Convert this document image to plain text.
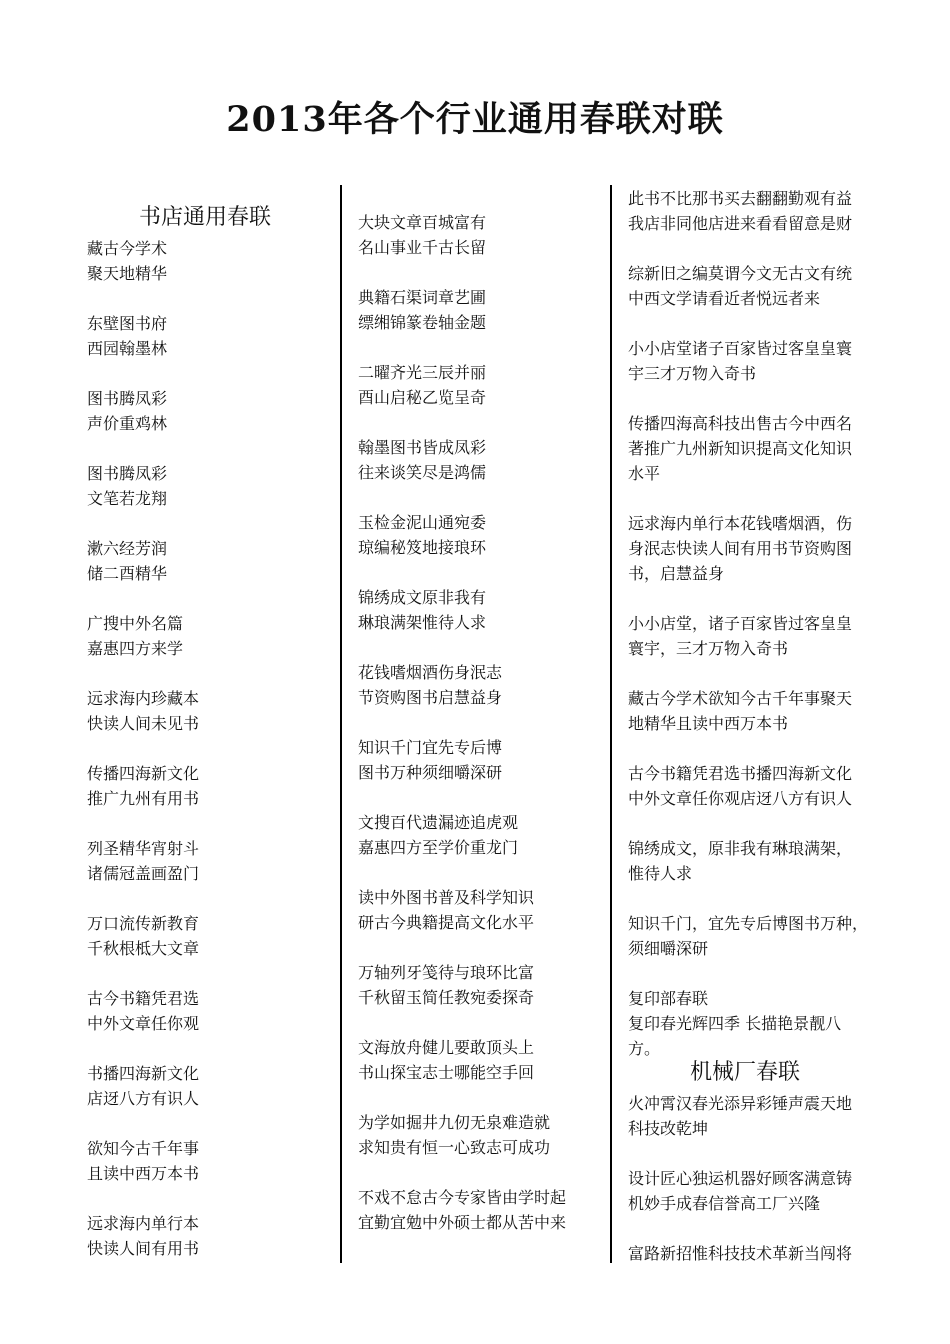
2013年各个行业通用春联对联
书店通用春联
藏古今学术
聚天地精华
东壁图书府
西园翰墨林
图书腾凤彩
声价重鸡林
图书腾凤彩
文笔若龙翔
漱六经芳润
储二酉精华
广搜中外名篇
嘉惠四方来学
远求海内珍藏本
快读人间未见书
传播四海新文化
推广九州有用书
列圣精华宵射斗
诸儒冠盖画盈门
万口流传新教育
千秋根柢大文章
古今书籍凭君选
中外文章任你观
书播四海新文化
店迓八方有识人
欲知今古千年事
且读中西万本书
远求海内单行本
快读人间有用书
大块文章百城富有
名山事业千古长留
典籍石渠词章艺圃
缥缃锦篆卷轴金题
二曜齐光三辰并丽
酉山启秘乙览呈奇
翰墨图书皆成凤彩
往来谈笑尽是鸿儒
玉检金泥山通宛委
琼编秘笈地接琅环
锦绣成文原非我有
琳琅满架惟待人求
花钱嗜烟酒伤身泯志
节资购图书启慧益身
知识千门宜先专后博
图书万种须细嚼深研
文搜百代遗漏迹追虎观
嘉惠四方至学价重龙门
读中外图书普及科学知识
研古今典籍提高文化水平
万轴列牙笺待与琅环比富
千秋留玉简任教宛委探奇
文海放舟健儿要敢顶头上
书山探宝志士哪能空手回
为学如掘井九仞无泉难造就
求知贵有恒一心致志可成功
不戏不怠古今专家皆由学时起
宜勤宜勉中外硕士都从苦中来
此书不比那书买去翻翻勤观有益
我店非同他店进来看看留意是财
综新旧之编莫谓今文无古文有统
中西文学请看近者悦远者来
小小店堂诸子百家皆过客皇皇寰
宇三才万物入奇书
传播四海高科技出售古今中西名
著推广九州新知识提高文化知识
水平
远求海内单行本花钱嗜烟酒，伤
身泯志快读人间有用书节资购图
书，启慧益身
小小店堂，诸子百家皆过客皇皇
寰宇，三才万物入奇书
藏古今学术欲知今古千年事聚天
地精华且读中西万本书
古今书籍凭君选书播四海新文化
中外文章任你观店迓八方有识人
锦绣成文，原非我有琳琅满架，
惟待人求
知识千门，宜先专后博图书万种，
须细嚼深研
复印部春联
复印春光辉四季 长描艳景靓八
方。
机械厂春联
火冲霄汉春光添异彩锤声震天地
科技改乾坤
设计匠心独运机器好顾客满意铸
机妙手成春信誉高工厂兴隆
富路新招惟科技技术革新当闯将
